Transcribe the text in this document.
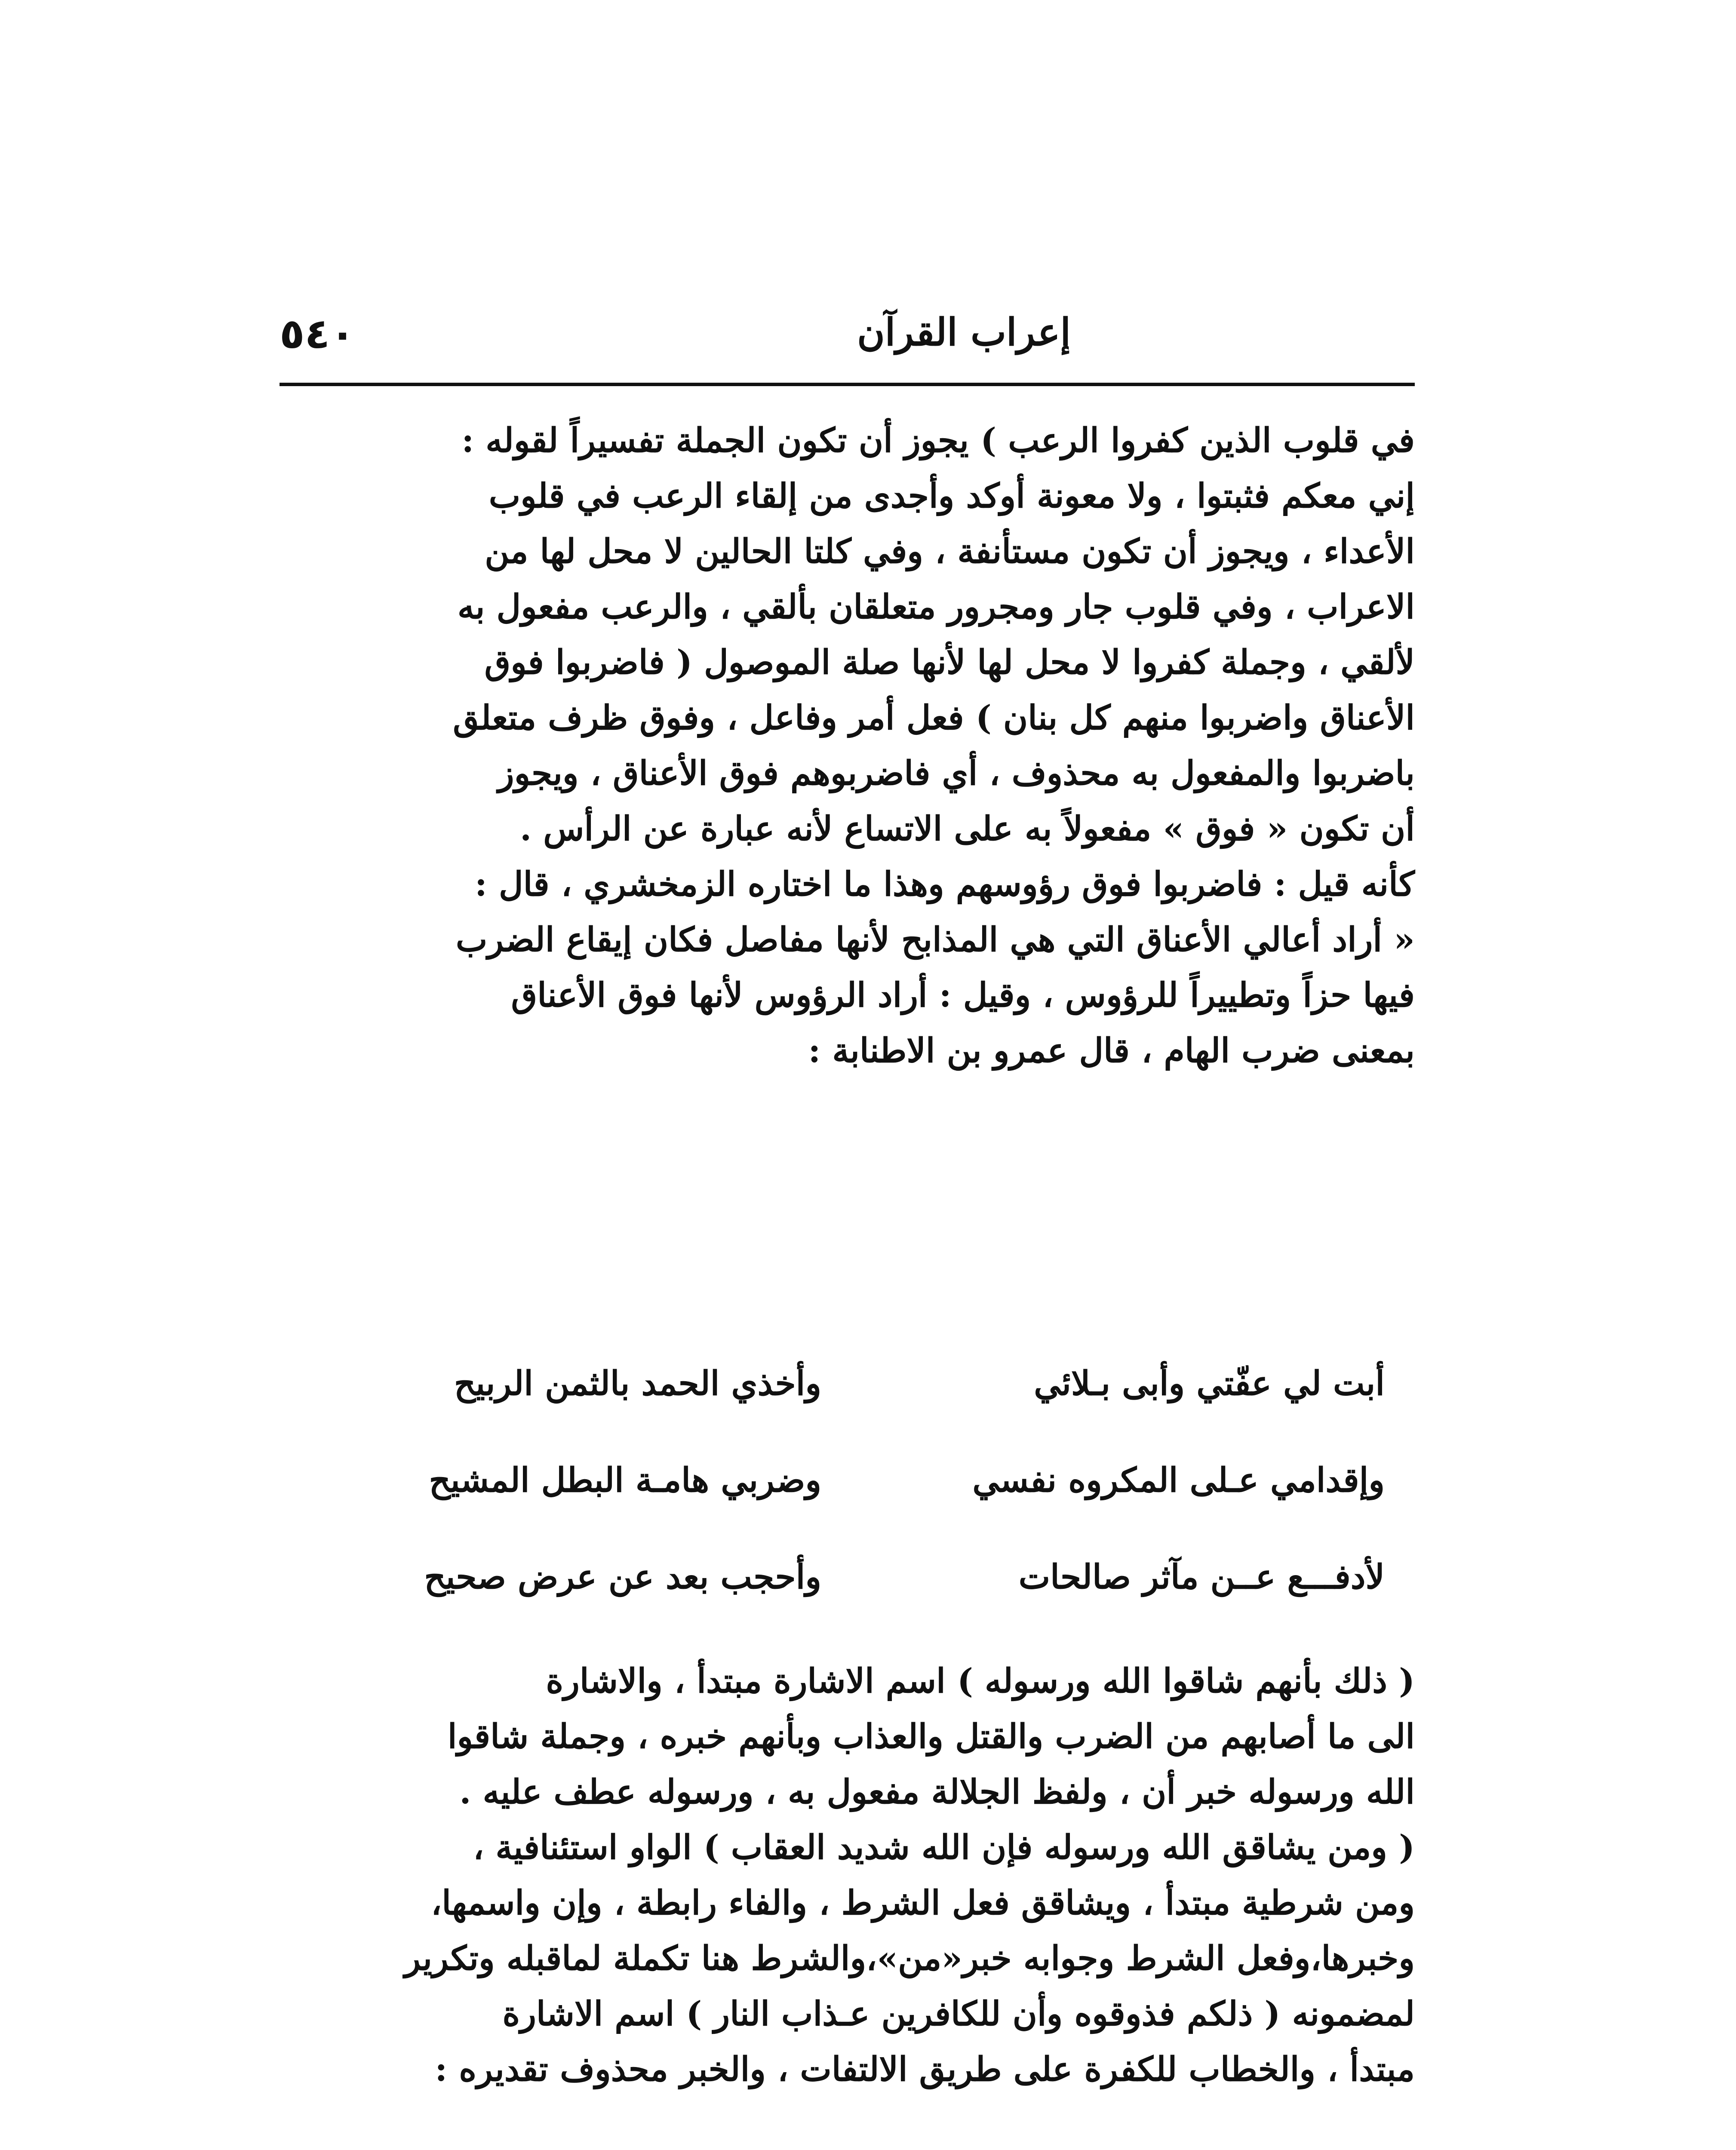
٥٤٠	إعراب القرآن

في قلوب الذين كفروا الرعب ) يجوز أن تكون الجملة تفسيراً لقوله :

إني معكم فثبتوا ، ولا معونة أوكد وأجدى من إلقاء الرعب في قلوب

الأعداء ، ويجوز أن تكون مستأنفة ، وفي كلتا الحالين لا محل لها من

الاعراب ، وفي قلوب جار ومجرور متعلقان بألقي ، والرعب مفعول به

لألقي ، وجملة كفروا لا محل لها لأنها صلة الموصول ( فاضربوا فوق

الأعناق واضربوا منهم كل بنان ) فعل أمر وفاعل ، وفوق ظرف متعلق

باضربوا والمفعول به محذوف ، أي فاضربوهم فوق الأعناق ، ويجوز

أن تكون « فوق » مفعولاً به على الاتساع لأنه عبارة عن الرأس .

كأنه قيل : فاضربوا فوق رؤوسهم وهذا ما اختاره الزمخشري ، قال :

« أراد أعالي الأعناق التي هي المذابح لأنها مفاصل فكان إيقاع الضرب

فيها حزاً وتطييراً للرؤوس ، وقيل : أراد الرؤوس لأنها فوق الأعناق

بمعنى ضرب الهام ، قال عمرو بن الاطنابة :

أبت لي عفّتي وأبى بـلائي
وأخذي الحمد بالثمن الربيح
وإقدامي عـلى المكروه نفسي
وضربي هامـة البطل المشيح
لأدفـــع عــن مآثر صالحات
وأحجب بعد عن عرض صحيح

( ذلك بأنهم شاقوا الله ورسوله ) اسم الاشارة مبتدأ ، والاشارة

الى ما أصابهم من الضرب والقتل والعذاب وبأنهم خبره ، وجملة شاقوا

الله ورسوله خبر أن ، ولفظ الجلالة مفعول به ، ورسوله عطف عليه .

( ومن يشاقق الله ورسوله فإن الله شديد العقاب ) الواو استئنافية ،

ومن شرطية مبتدأ ، ويشاقق فعل الشرط ، والفاء رابطة ، وإن واسمها،

وخبرها،وفعل الشرط وجوابه خبر«من»،والشرط هنا تكملة لماقبله وتكرير

لمضمونه ( ذلكم فذوقوه وأن للكافرين عـذاب النار ) اسم الاشارة

مبتدأ ، والخطاب للكفرة على طريق الالتفات ، والخبر محذوف تقديره :
